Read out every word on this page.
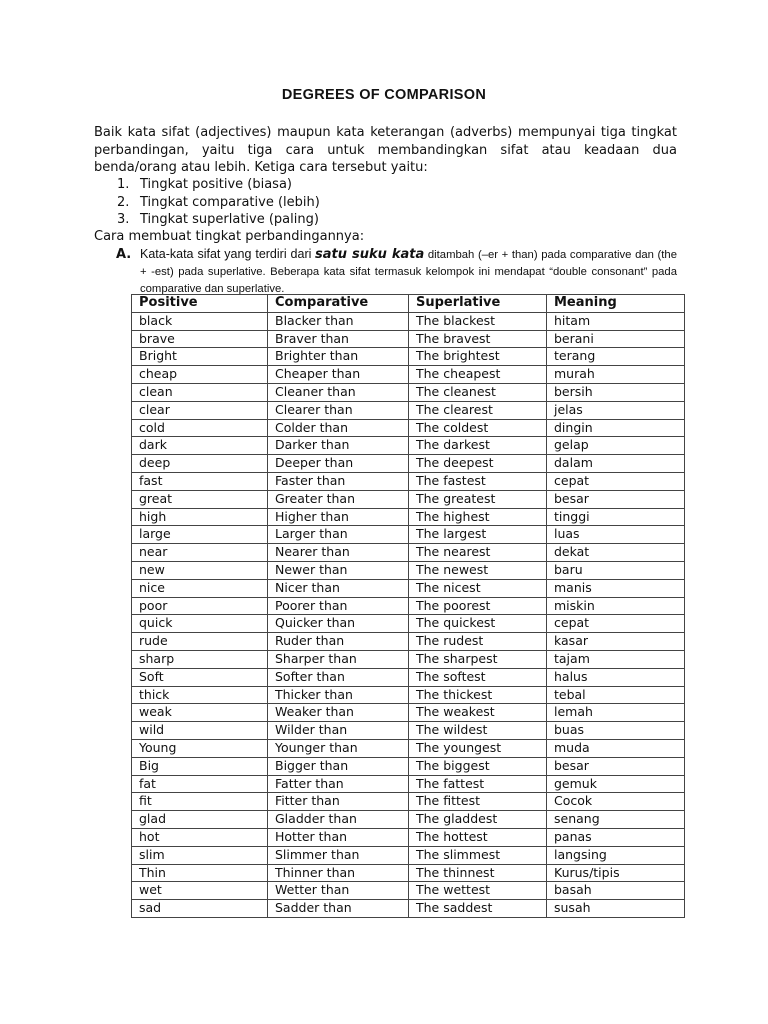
DEGREES OF COMPARISON

Baik kata sifat (adjectives) maupun kata keterangan (adverbs) mempunyai tiga tingkat perbandingan, yaitu tiga cara untuk membandingkan sifat atau keadaan dua benda/orang atau lebih. Ketiga cara tersebut yaitu:

1. Tingkat positive (biasa)
2. Tingkat comparative (lebih)
3. Tingkat superlative (paling)

Cara membuat tingkat perbandingannya:

A. Kata-kata sifat yang terdiri dari satu suku kata ditambah (–er + than) pada comparative dan (the + -est) pada superlative. Beberapa kata sifat termasuk kelompok ini mendapat “double consonant” pada comparative dan superlative.
Positive	Comparative	Superlative	Meaning
black	Blacker than	The blackest	hitam
brave	Braver than	The bravest	berani
Bright	Brighter than	The brightest	terang
cheap	Cheaper than	The cheapest	murah
clean	Cleaner than	The cleanest	bersih
clear	Clearer than	The clearest	jelas
cold	Colder than	The coldest	dingin
dark	Darker than	The darkest	gelap
deep	Deeper than	The deepest	dalam
fast	Faster than	The fastest	cepat
great	Greater than	The greatest	besar
high	Higher than	The highest	tinggi
large	Larger than	The largest	luas
near	Nearer than	The nearest	dekat
new	Newer than	The newest	baru
nice	Nicer than	The nicest	manis
poor	Poorer than	The poorest	miskin
quick	Quicker than	The quickest	cepat
rude	Ruder than	The rudest	kasar
sharp	Sharper than	The sharpest	tajam
Soft	Softer than	The softest	halus
thick	Thicker than	The thickest	tebal
weak	Weaker than	The weakest	lemah
wild	Wilder than	The wildest	buas
Young	Younger than	The youngest	muda
Big	Bigger than	The biggest	besar
fat	Fatter than	The fattest	gemuk
fit	Fitter than	The fittest	Cocok
glad	Gladder than	The gladdest	senang
hot	Hotter than	The hottest	panas
slim	Slimmer than	The slimmest	langsing
Thin	Thinner than	The thinnest	Kurus/tipis
wet	Wetter than	The wettest	basah
sad	Sadder than	The saddest	susah
